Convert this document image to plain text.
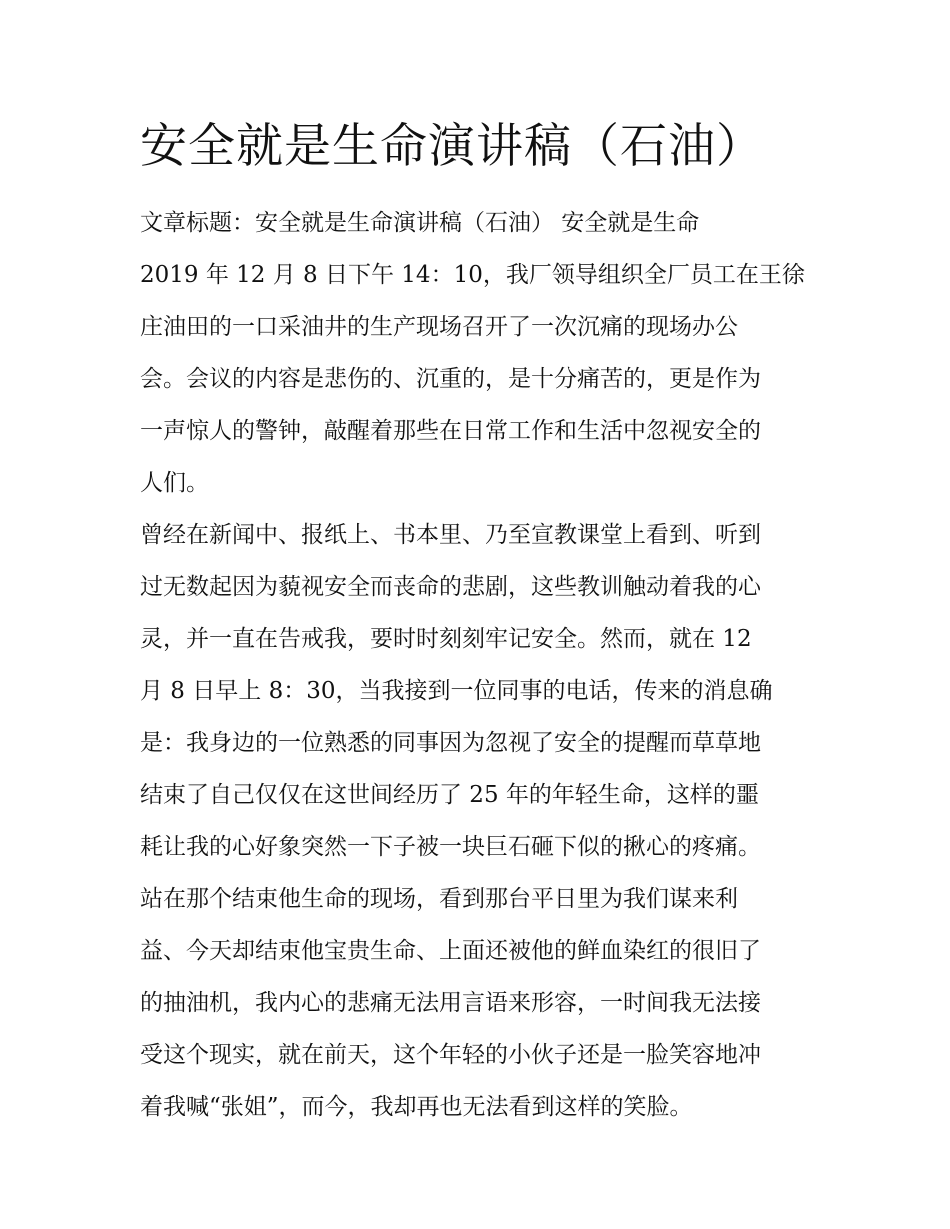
安全就是生命演讲稿（石油）
文章标题：安全就是生命演讲稿（石油） 安全就是生命
2019 年 12 月 8 日下午 14：10，我厂领导组织全厂员工在王徐
庄油田的一口采油井的生产现场召开了一次沉痛的现场办公
会。会议的内容是悲伤的、沉重的，是十分痛苦的，更是作为
一声惊人的警钟，敲醒着那些在日常工作和生活中忽视安全的
人们。
曾经在新闻中、报纸上、书本里、乃至宣教课堂上看到、听到
过无数起因为藐视安全而丧命的悲剧，这些教训触动着我的心
灵，并一直在告戒我，要时时刻刻牢记安全。然而，就在 12
月 8 日早上 8：30，当我接到一位同事的电话，传来的消息确
是：我身边的一位熟悉的同事因为忽视了安全的提醒而草草地
结束了自己仅仅在这世间经历了 25 年的年轻生命，这样的噩
耗让我的心好象突然一下子被一块巨石砸下似的揪心的疼痛。
站在那个结束他生命的现场，看到那台平日里为我们谋来利
益、今天却结束他宝贵生命、上面还被他的鲜血染红的很旧了
的抽油机，我内心的悲痛无法用言语来形容，一时间我无法接
受这个现实，就在前天，这个年轻的小伙子还是一脸笑容地冲
着我喊“张姐”，而今，我却再也无法看到这样的笑脸。
